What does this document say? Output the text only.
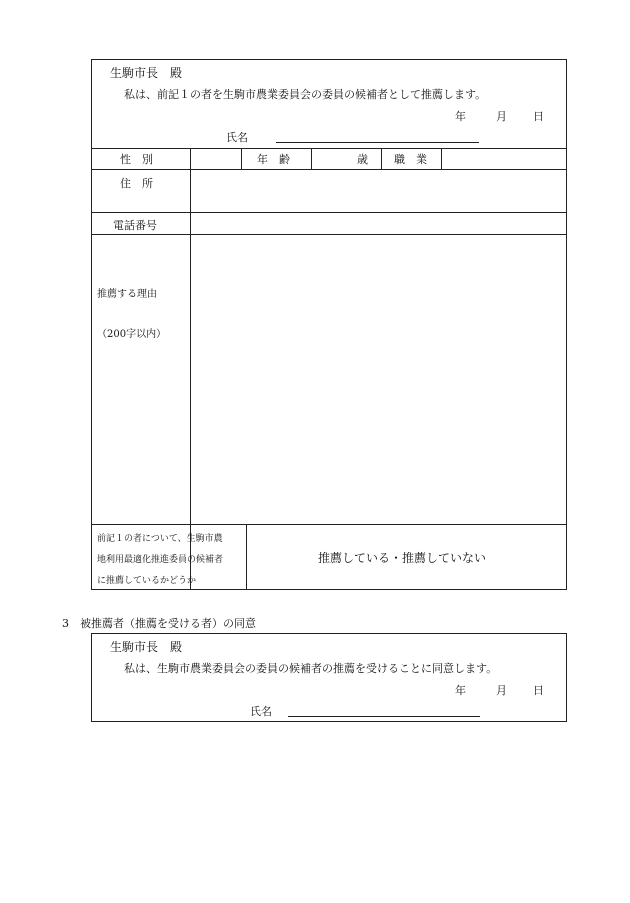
生駒市長　殿
私は、前記１の者を生駒市農業委員会の委員の候補者として推薦します。
年	月 日
氏名
性　別	年　齢	歳 職　業
住　所
電話番号
推薦する理由
（200字以内）
前記１の者について、生駒市農
地利用最適化推進委員の候補者
に推薦しているかどうか
推薦している・推薦していない
3　被推薦者（推薦を受ける者）の同意
生駒市長　殿
私は、生駒市農業委員会の委員の候補者の推薦を受けることに同意します。
年	月 日
氏名
